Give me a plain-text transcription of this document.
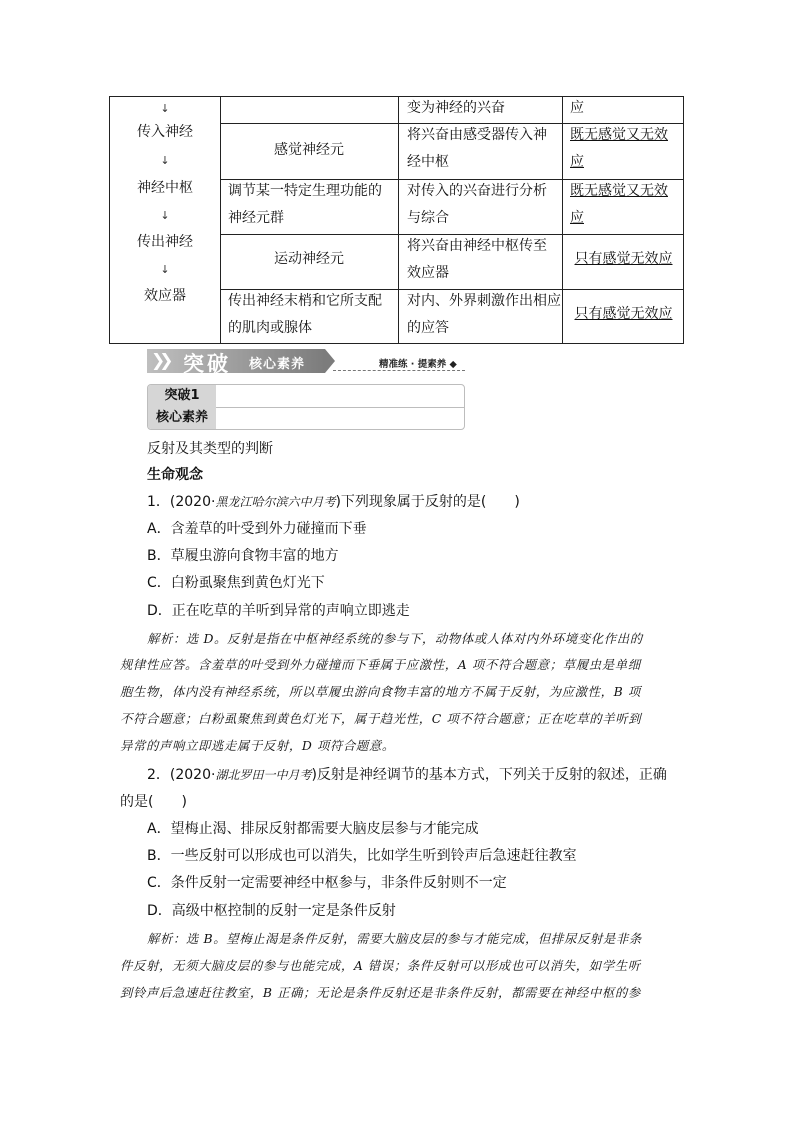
↓
传入神经
↓
神经中枢
↓
传出神经
↓
效应器
变为神经的兴奋	应
感觉神经元
将兴奋由感受器传入神
经中枢
既无感觉又无效
应
调节某一特定生理功能的
神经元群
对传入的兴奋进行分析
与综合
既无感觉又无效
应
运动神经元
将兴奋由神经中枢传至
效应器
只有感觉无效应
传出神经末梢和它所支配
的肌肉或腺体
对内、外界刺激作出相应
的应答
只有感觉无效应
❯❯ 突破 核心素养	精准练 · 提素养 ◆
突破1
核心素养
反射及其类型的判断
生命观念
1．(2020·黑龙江哈尔滨六中月考)下列现象属于反射的是(　　)
A．含羞草的叶受到外力碰撞而下垂
B．草履虫游向食物丰富的地方
C．白粉虱聚焦到黄色灯光下
D．正在吃草的羊听到异常的声响立即逃走
解析：选 D。反射是指在中枢神经系统的参与下，动物体或人体对内外环境变化作出的
规律性应答。含羞草的叶受到外力碰撞而下垂属于应激性，A 项不符合题意；草履虫是单细
胞生物，体内没有神经系统，所以草履虫游向食物丰富的地方不属于反射，为应激性，B 项
不符合题意；白粉虱聚焦到黄色灯光下，属于趋光性，C 项不符合题意；正在吃草的羊听到
异常的声响立即逃走属于反射，D 项符合题意。
2．(2020·湖北罗田一中月考)反射是神经调节的基本方式，下列关于反射的叙述，正确
的是(　　)
A．望梅止渴、排尿反射都需要大脑皮层参与才能完成
B．一些反射可以形成也可以消失，比如学生听到铃声后急速赶往教室
C．条件反射一定需要神经中枢参与，非条件反射则不一定
D．高级中枢控制的反射一定是条件反射
解析：选 B。望梅止渴是条件反射，需要大脑皮层的参与才能完成，但排尿反射是非条
件反射，无须大脑皮层的参与也能完成，A 错误；条件反射可以形成也可以消失，如学生听
到铃声后急速赶往教室，B 正确；无论是条件反射还是非条件反射，都需要在神经中枢的参
